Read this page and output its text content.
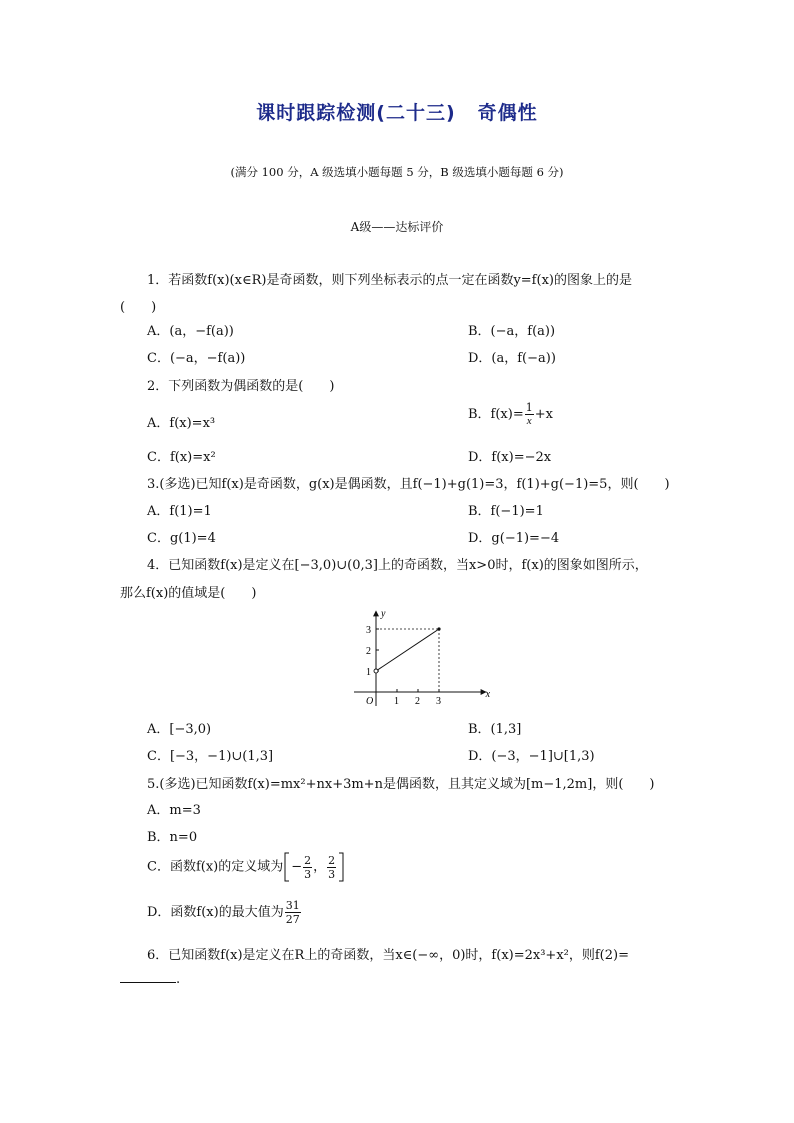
课时跟踪检测(二十三) 奇偶性
(满分 100 分，A 级选填小题每题 5 分，B 级选填小题每题 6 分)
A级——达标评价
1．若函数f(x)(x∈R)是奇函数，则下列坐标表示的点一定在函数y=f(x)的图象上的是
(　　)
A．(a，−f(a))	B．(−a，f(a))
C．(−a，−f(a))	D．(a，f(−a))
2．下列函数为偶函数的是(　　)
A．f(x)=x³
B．$f(x)= \frac{1}{x} +x$
C．f(x)=x²	D．f(x)=−2x
3.(多选)已知f(x)是奇函数，g(x)是偶函数，且f(−1)+g(1)=3，f(1)+g(−1)=5，则(　　)
A．f(1)=1	B．f(−1)=1
C．g(1)=4	D．g(−1)=−4
4．已知函数f(x)是定义在[−3,0)∪(0,3]上的奇函数，当x>0时，f(x)的图象如图所示，
那么f(x)的值域是(　　)
x
y
O 1 2 3
1
2
3
A．[−3,0)	B．(1,3]
C．[−3，−1)∪(1,3]	D．(−3，−1]∪[1,3)
5.(多选)已知函数f(x)=mx²+nx+3m+n是偶函数，且其定义域为[m−1,2m]，则(　　)
A．m=3
B．n=0
C．函数f(x)的定义域为 − $\frac{2}{3}$ ， $\frac{2}{3}$
D．函数f(x)的最大值为 $\frac{31}{27}$
6．已知函数f(x)是定义在R上的奇函数，当x∈(−∞，0)时，f(x)=2x³+x²，则f(2)=
.
